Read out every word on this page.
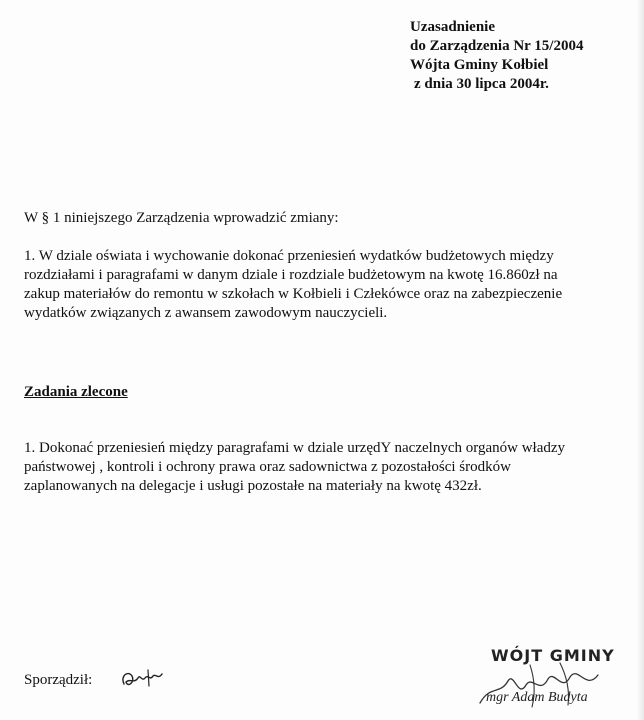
Uzasadnienie
do Zarządzenia Nr 15/2004
Wójta Gminy Kołbiel
z dnia 30 lipca 2004r.
W § 1 niniejszego Zarządzenia wprowadzić zmiany:
1. W dziale oświata i wychowanie dokonać przeniesień wydatków budżetowych między
rozdziałami i paragrafami w danym dziale i rozdziale budżetowym na kwotę 16.860zł na
zakup materiałów do remontu w szkołach w Kołbieli i Człekówce oraz na zabezpieczenie
wydatków związanych z awansem zawodowym nauczycieli.
Zadania zlecone
1. Dokonać przeniesień między paragrafami w dziale urzędY naczelnych organów władzy
państwowej , kontroli i ochrony prawa oraz sadownictwa z pozostałości środków
zaplanowanych na delegacje i usługi pozostałe na materiały na kwotę 432zł.
Sporządził:
WÓJT GMINY
mgr Adam Budyta
